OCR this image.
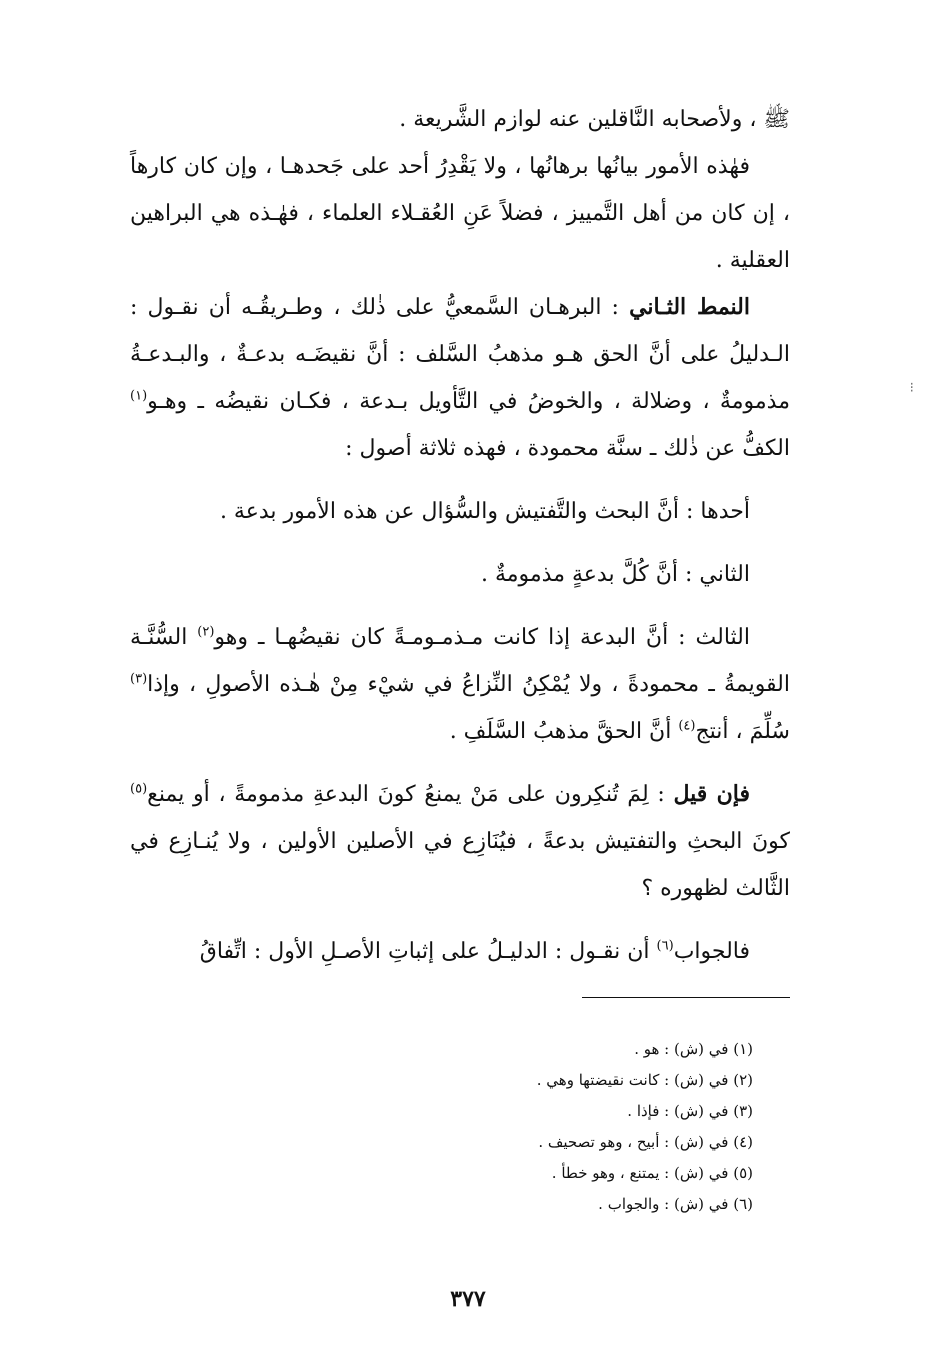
ﷺ ، ولأصحابه النَّاقلين عنه لوازم الشَّريعة .

فهٰذه الأمور بيانُها برهانُها ، ولا يَقْدِرُ أحد على جَحدهـا ، وإن كان كارهاً ، إن كان من أهل التَّمييز ، فضلاً عَنِ العُقـلاء العلماء ، فهٰـذه هي البراهين العقلية .

النمط الثـاني : البرهـان السَّمعيُّ على ذٰلك ، وطـريقُـه أن نقـول : الـدليلُ على أنَّ الحق هـو مذهبُ السَّلف : أنَّ نقيضَـه بدعـةٌ ، والبـدعـةُ مذمومةٌ ، وضلالة ، والخوضُ في التَّأويل بـدعة ، فكـان نقيضُه ـ وهـو$^{(١)}$ الكفُّ عن ذٰلك ـ سنَّة محمودة ، فهذه ثلاثة أصول :

أحدها : أنَّ البحث والتَّفتيش والسُّؤال عن هذه الأمور بدعة .

الثاني : أنَّ كُلَّ بدعةٍ مذمومةٌ .

الثالث : أنَّ البدعة إذا كانت مـذمـومـةً كان نقيضُهـا ـ وهو$^{(٢)}$ السُّنَّـة القويمةُ ـ محمودةً ، ولا يُمْكِنُ النِّزاعُ في شيْء مِنْ هٰـذه الأصولِ ، وإذا$^{(٣)}$ سُلِّمَ ، أنتج$^{(٤)}$ أنَّ الحقَّ مذهبُ السَّلَفِ .

فإن قيل : لِمَ تُنكِرون على مَنْ يمنعُ كونَ البدعةِ مذمومةً ، أو يمنع$^{(٥)}$ كونَ البحثِ والتفتيش بدعةً ، فيُنَازِع في الأصلين الأولين ، ولا يُنـازِع في الثَّالث لظهوره ؟

فالجواب$^{(٦)}$ أن نقـول : الدليـلُ على إثباتِ الأصـلِ الأول : اتِّفاقُ

(١) في (ش) : هو .

(٢) في (ش) : كانت نقيضتها وهي .

(٣) في (ش) : فإذا .

(٤) في (ش) : أبيح ، وهو تصحيف .

(٥) في (ش) : يمتنع ، وهو خطأ .

(٦) في (ش) : والجواب .

٣٧٧
⁝
